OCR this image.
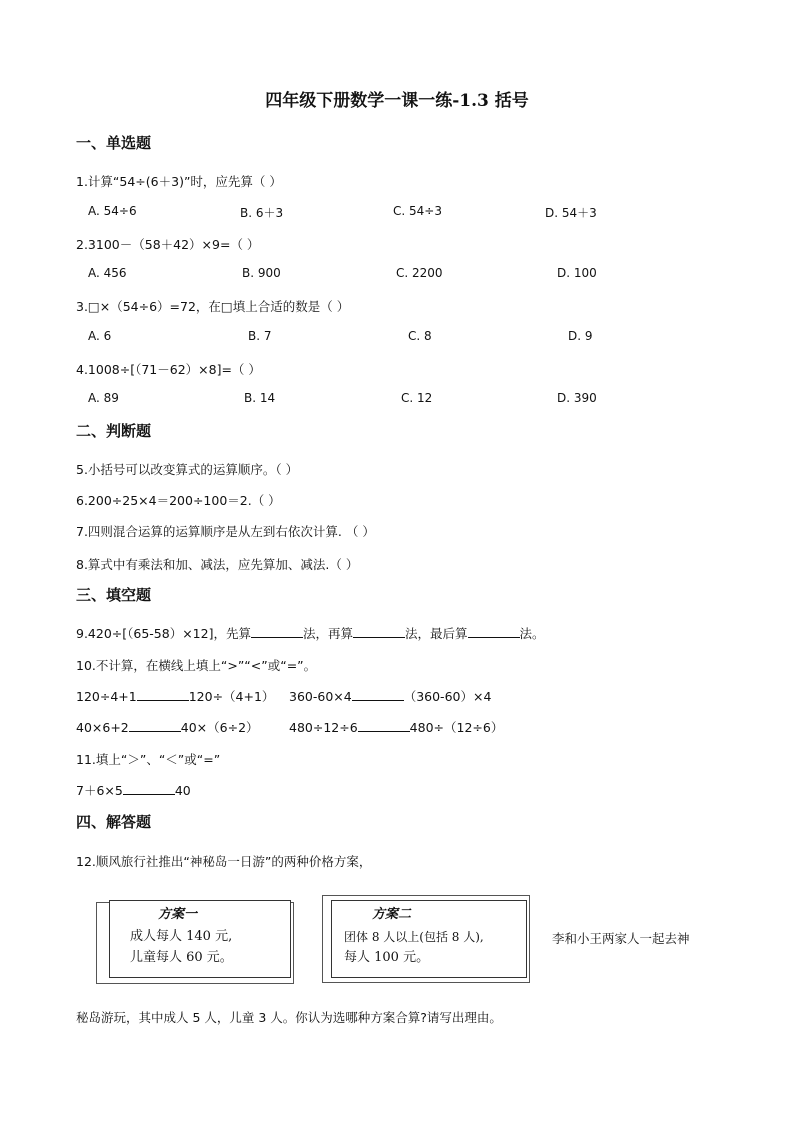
四年级下册数学一课一练-1.3 括号
一、单选题
1.计算“54÷(6＋3)”时，应先算（ ）
A. 54÷6	B. 6＋3	C. 54÷3	D. 54＋3
2.3100－（58＋42）×9=（ ）
A. 456	B. 900	C. 2200	D. 100
3.□×（54÷6）=72，在□填上合适的数是（ ）
A. 6	B. 7	C. 8	D. 9
4.1008÷[（71－62）×8]=（ ）
A. 89	B. 14	C. 12	D. 390
二、判断题
5.小括号可以改变算式的运算顺序。（ ）
6.200÷25×4＝200÷100＝2.（ ）
7.四则混合运算的运算顺序是从左到右依次计算. （ ）
8.算式中有乘法和加、减法，应先算加、减法.（ ）
三、填空题
9.420÷[（65-58）×12]，先算	法，再算	法，最后算	法。
10.不计算，在横线上填上“>”“<”或“=”。
120÷4+1	120÷（4+1） 360-60×4	（360-60）×4
40×6+2	40×（6÷2） 480÷12÷6	480÷（12÷6）
11.填上“＞”、“＜”或“=”
7＋6×5	40
四、解答题
12.顺风旅行社推出“神秘岛一日游”的两种价格方案，
方案一
成人每人 140 元,
儿童每人 60 元。
方案二
团体 8 人以上(包括 8 人),
每人 100 元。
李和小王两家人一起去神
秘岛游玩，其中成人 5 人，儿童 3 人。你认为选哪种方案合算?请写出理由。
